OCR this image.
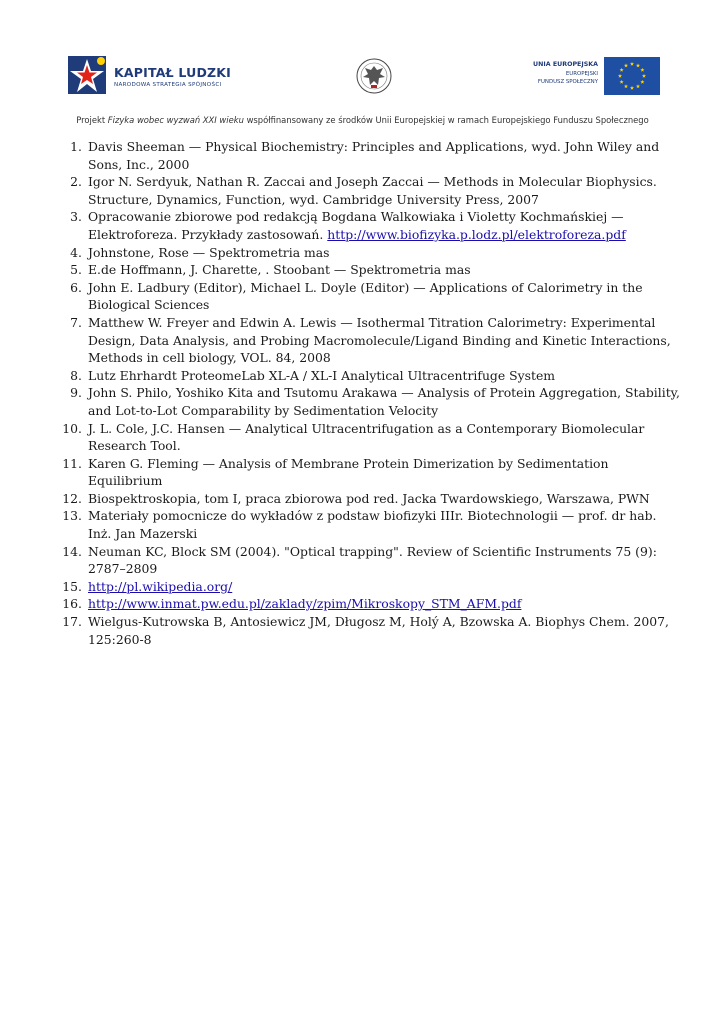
KAPITAŁ LUDZKI
NARODOWA STRATEGIA SPÓJNOŚCI
UNIA EUROPEJSKA
EUROPEJSKI
FUNDUSZ SPOŁECZNY
Projekt Fizyka wobec wyzwań XXI wieku współfinansowany ze środków Unii Europejskiej w ramach Europejskiego Funduszu Społecznego
1. Davis Sheeman — Physical Biochemistry: Principles and Applications, wyd. John Wiley and Sons, Inc., 2000
2. Igor N. Serdyuk, Nathan R. Zaccai and Joseph Zaccai — Methods in Molecular Biophysics. Structure, Dynamics, Function, wyd. Cambridge University Press, 2007
3. Opracowanie zbiorowe pod redakcją Bogdana Walkowiaka i Violetty Kochmańskiej — Elektroforeza. Przykłady zastosowań. http://www.biofizyka.p.lodz.pl/elektroforeza.pdf
4. Johnstone, Rose — Spektrometria mas
5. E.de Hoffmann, J. Charette, . Stoobant — Spektrometria mas
6. John E. Ladbury (Editor), Michael L. Doyle (Editor) — Applications of Calorimetry in the Biological Sciences
7. Matthew W. Freyer and Edwin A. Lewis — Isothermal Titration Calorimetry: Experimental Design, Data Analysis, and Probing Macromolecule/Ligand Binding and Kinetic Interactions, Methods in cell biology, VOL. 84, 2008
8. Lutz Ehrhardt ProteomeLab XL-A / XL-I Analytical Ultracentrifuge System
9. John S. Philo, Yoshiko Kita and Tsutomu Arakawa — Analysis of Protein Aggregation, Stability, and Lot-to-Lot Comparability by Sedimentation Velocity
10. J. L. Cole, J.C. Hansen — Analytical Ultracentrifugation as a Contemporary Biomolecular Research Tool.
11. Karen G. Fleming — Analysis of Membrane Protein Dimerization by Sedimentation Equilibrium
12. Biospektroskopia, tom I, praca zbiorowa pod red. Jacka Twardowskiego, Warszawa, PWN
13. Materiały pomocnicze do wykładów z podstaw biofizyki IIIr. Biotechnologii — prof. dr hab. Inż. Jan Mazerski
14. Neuman KC, Block SM (2004). "Optical trapping". Review of Scientific Instruments 75 (9): 2787–2809
15. http://pl.wikipedia.org/
16. http://www.inmat.pw.edu.pl/zaklady/zpim/Mikroskopy_STM_AFM.pdf
17. Wielgus-Kutrowska B, Antosiewicz JM, Długosz M, Holý A, Bzowska A. Biophys Chem. 2007, 125:260-8
